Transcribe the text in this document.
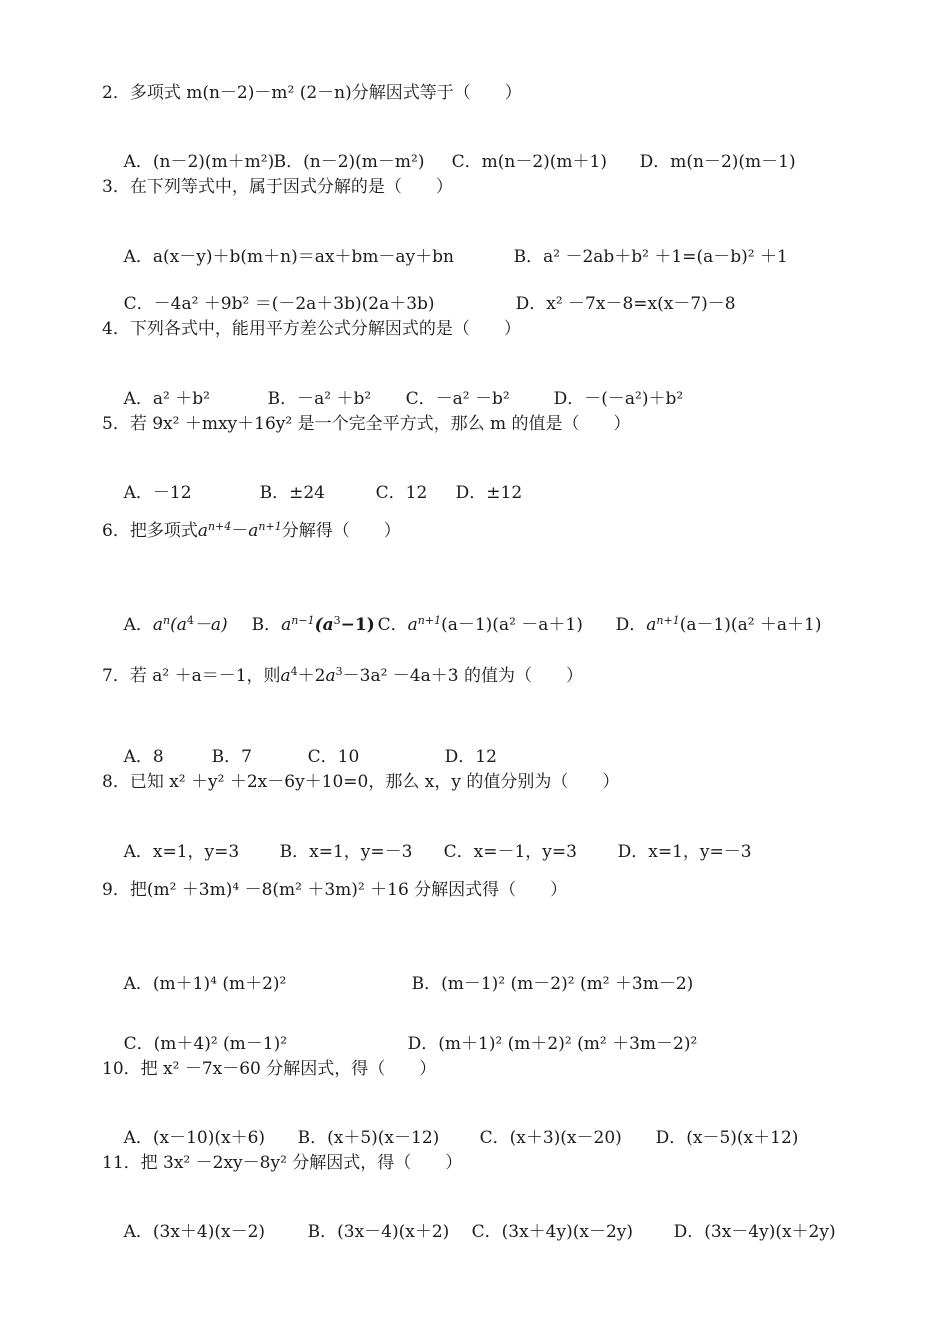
2．多项式 m(n－2)－m² (2－n)分解因式等于（　　）

A．(n－2)(m＋m²)B．(n－2)(m－m²) C．m(n－2)(m＋1) D．m(n－2)(m－1)

3．在下列等式中，属于因式分解的是（　　）

A．a(x－y)＋b(m＋n)＝ax＋bm－ay＋bn	B．a² －2ab＋b² ＋1=(a－b)² ＋1

C．－4a² ＋9b² ＝(－2a＋3b)(2a＋3b)	D．x² －7x－8=x(x－7)－8

4．下列各式中，能用平方差公式分解因式的是（　　）

A．a² ＋b²	B．－a² ＋b² C．－a² －b²	D．－(－a²)＋b²

5．若 9x² ＋mxy＋16y² 是一个完全平方式，那么 m 的值是（　　）

A．－12	B．±24	C．12 D．±12

6．把多项式$a^{n+4}-a^{n+1}$分解得（　　）

A．$a^n(a^4-a)$ B．$a^{n-1}(a^3-1)$ C．$a^{n+1}(a-1)(a^2 -a+1)$ D．$a^{n+1}(a-1)(a^2 +a+1)$

7．若 a² ＋a＝－1，则$a^4+2a^3-3a^2 -4a+3$ 的值为（　　）

A．8	B．7	C．10	D．12

8．已知 x² ＋y² ＋2x－6y＋10=0，那么 x，y 的值分别为（　　）

A．x=1，y=3 B．x=1，y=－3 C．x=－1，y=3 D．x=1，y=－3

9．把(m² ＋3m)⁴ －8(m² ＋3m)² ＋16 分解因式得（　　）

A．(m＋1)⁴ (m＋2)²	B．(m－1)² (m－2)² (m² ＋3m－2)

C．(m＋4)² (m－1)²	D．(m＋1)² (m＋2)² (m² ＋3m－2)²

10．把 x² －7x－60 分解因式，得（　　）

A．(x－10)(x＋6) B．(x＋5)(x－12) C．(x＋3)(x－20) D．(x－5)(x＋12)

11．把 3x² －2xy－8y² 分解因式，得（　　）

A．(3x＋4)(x－2)	B．(3x－4)(x＋2) C．(3x＋4y)(x－2y) D．(3x－4y)(x＋2y)
